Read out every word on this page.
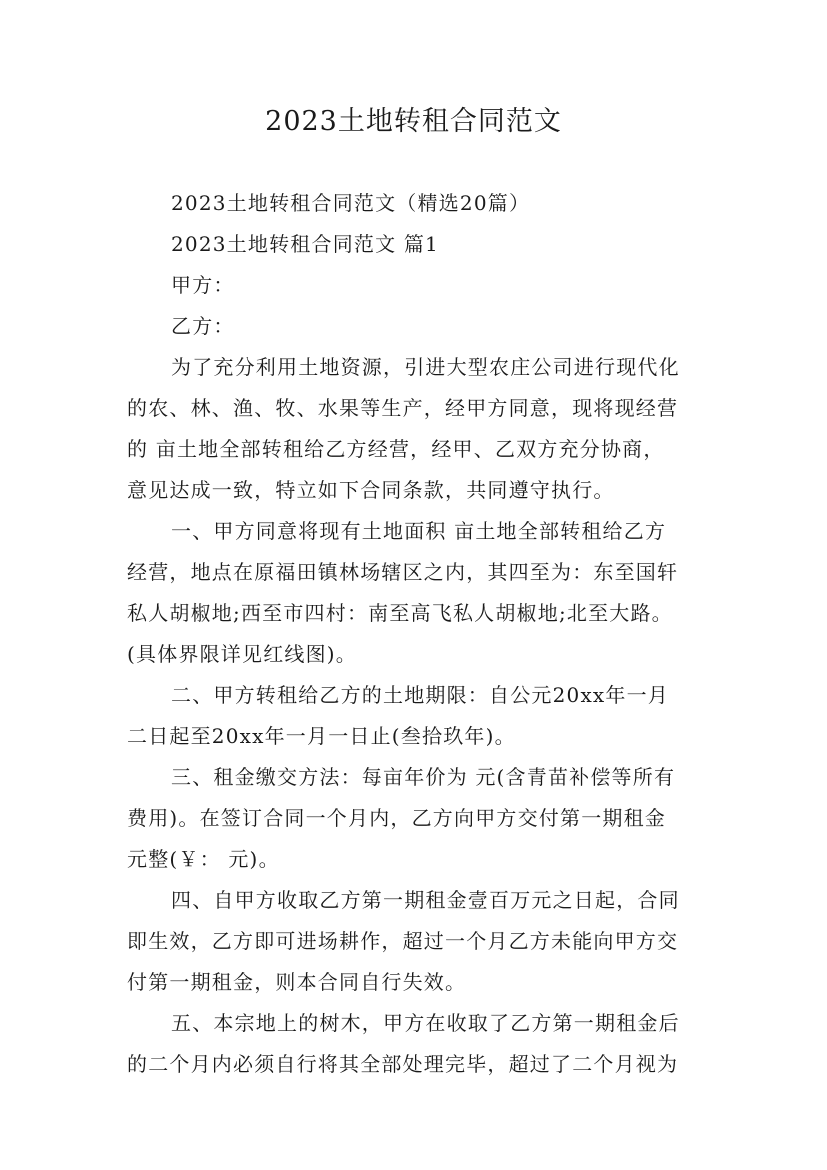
2023土地转租合同范文
2023土地转租合同范文（精选20篇）
2023土地转租合同范文 篇1
甲方：
乙方：
为了充分利用土地资源，引进大型农庄公司进行现代化
的农、林、渔、牧、水果等生产，经甲方同意，现将现经营
的 亩土地全部转租给乙方经营，经甲、乙双方充分协商，
意见达成一致，特立如下合同条款，共同遵守执行。
一、甲方同意将现有土地面积 亩土地全部转租给乙方
经营，地点在原福田镇林场辖区之内，其四至为：东至国轩
私人胡椒地;西至市四村：南至高飞私人胡椒地;北至大路。
(具体界限详见红线图)。
二、甲方转租给乙方的土地期限：自公元20xx年一月
二日起至20xx年一月一日止(叁拾玖年)。
三、租金缴交方法：每亩年价为 元(含青苗补偿等所有
费用)。在签订合同一个月内，乙方向甲方交付第一期租金
元整(￥： 元)。
四、自甲方收取乙方第一期租金壹百万元之日起，合同
即生效，乙方即可进场耕作，超过一个月乙方未能向甲方交
付第一期租金，则本合同自行失效。
五、本宗地上的树木，甲方在收取了乙方第一期租金后
的二个月内必须自行将其全部处理完毕，超过了二个月视为
